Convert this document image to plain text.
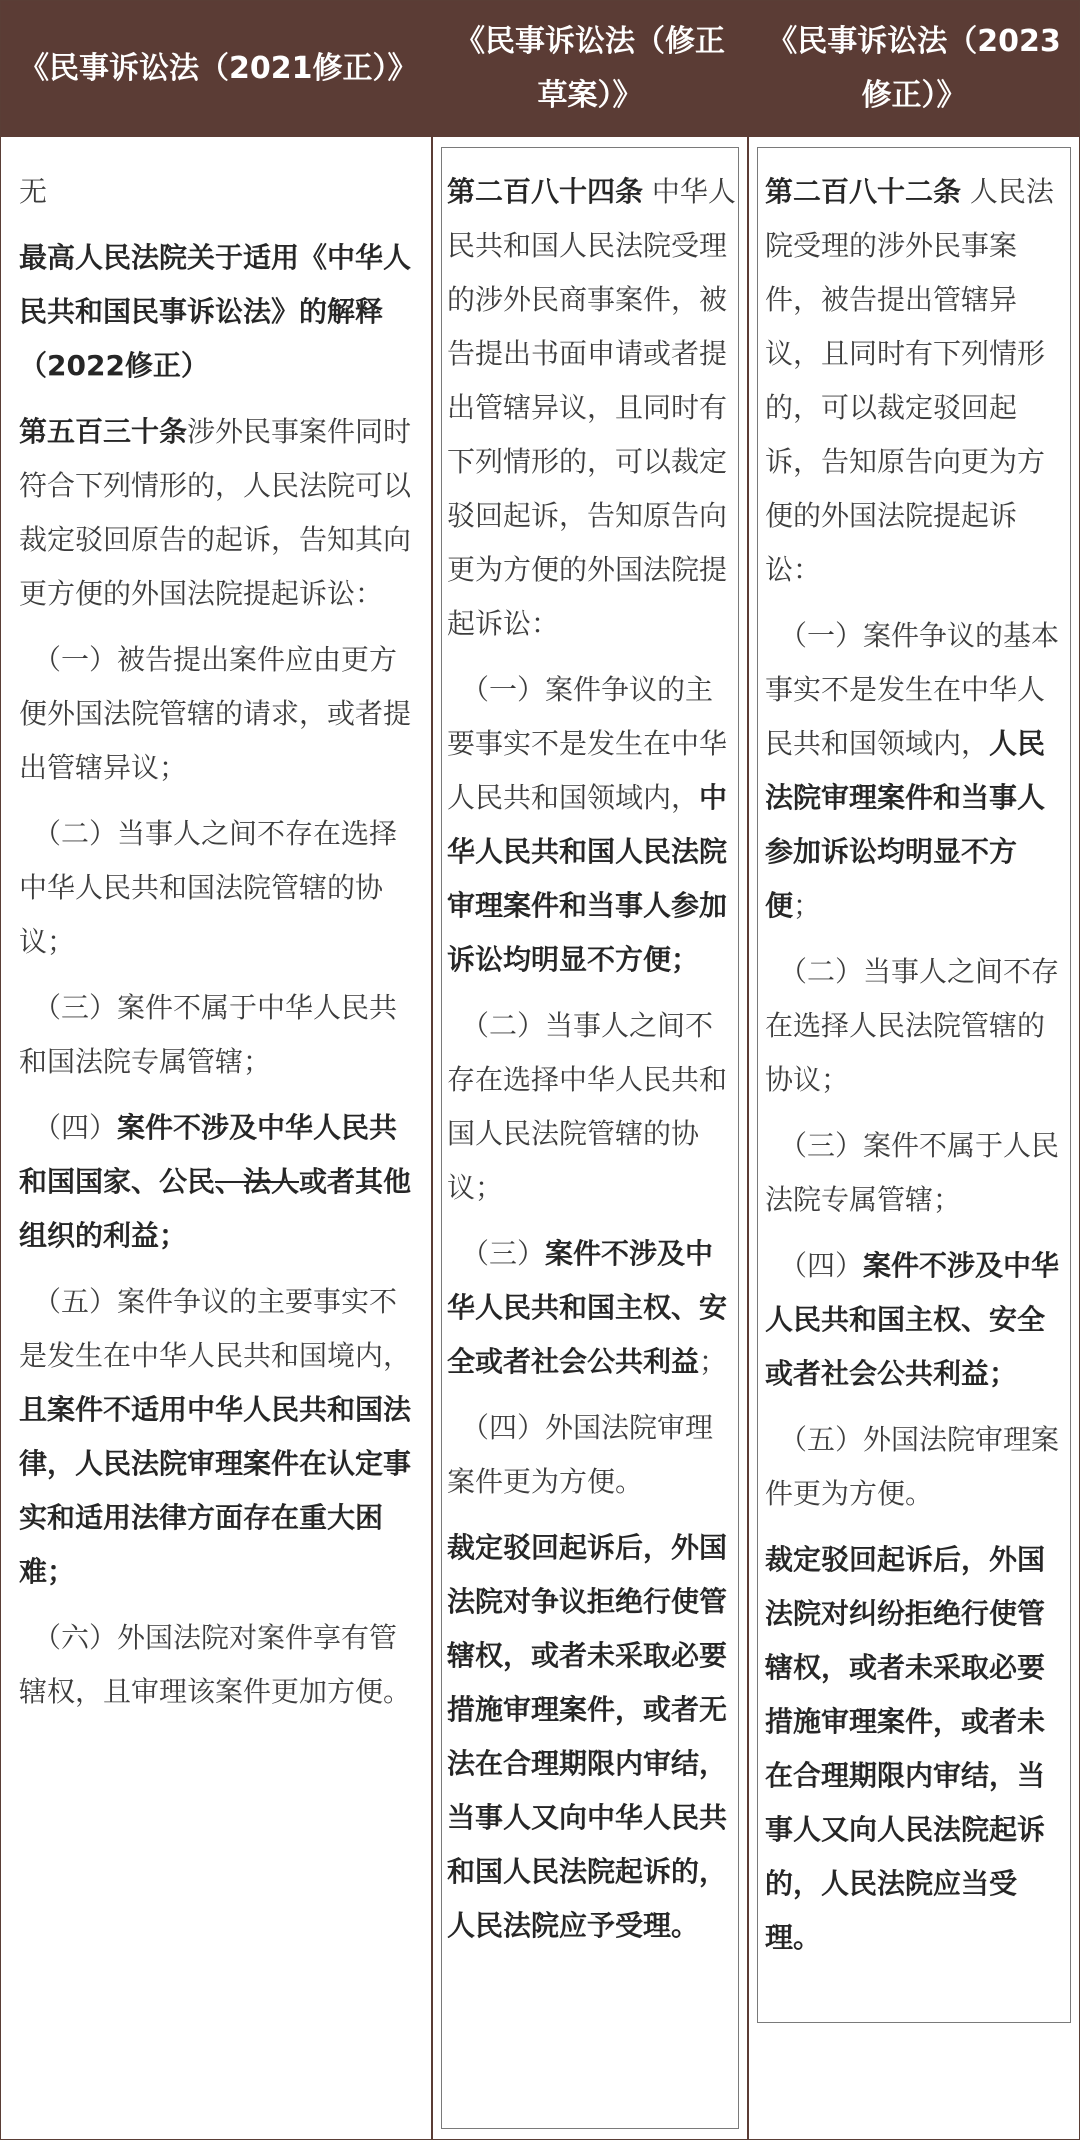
《民事诉讼法（2021修正）》
《民事诉讼法（修正草案）》
《民事诉讼法（2023修正）》

无

最高人民法院关于适用《中华人民共和国民事诉讼法》的解释（2022修正）

第五百三十条涉外民事案件同时符合下列情形的，人民法院可以裁定驳回原告的起诉，告知其向更方便的外国法院提起诉讼：

（一）被告提出案件应由更方便外国法院管辖的请求，或者提出管辖异议；

（二）当事人之间不存在选择中华人民共和国法院管辖的协议；

（三）案件不属于中华人民共和国法院专属管辖；

（四）案件不涉及中华人民共和国国家、公民、法人或者其他组织的利益；

（五）案件争议的主要事实不是发生在中华人民共和国境内，且案件不适用中华人民共和国法律，人民法院审理案件在认定事实和适用法律方面存在重大困难；

（六）外国法院对案件享有管辖权，且审理该案件更加方便。

第二百八十四条 中华人民共和国人民法院受理的涉外民商事案件，被告提出书面申请或者提出管辖异议，且同时有下列情形的，可以裁定驳回起诉，告知原告向更为方便的外国法院提起诉讼：

（一）案件争议的主要事实不是发生在中华人民共和国领域内，中华人民共和国人民法院审理案件和当事人参加诉讼均明显不方便；

（二）当事人之间不存在选择中华人民共和国人民法院管辖的协议；

（三）案件不涉及中华人民共和国主权、安全或者社会公共利益；

（四）外国法院审理案件更为方便。

裁定驳回起诉后，外国法院对争议拒绝行使管辖权，或者未采取必要措施审理案件，或者无法在合理期限内审结，当事人又向中华人民共和国人民法院起诉的，人民法院应予受理。

第二百八十二条 人民法院受理的涉外民事案件，被告提出管辖异议，且同时有下列情形的，可以裁定驳回起诉，告知原告向更为方便的外国法院提起诉讼：

（一）案件争议的基本事实不是发生在中华人民共和国领域内，人民法院审理案件和当事人参加诉讼均明显不方便；

（二）当事人之间不存在选择人民法院管辖的协议；

（三）案件不属于人民法院专属管辖；

（四）案件不涉及中华人民共和国主权、安全或者社会公共利益；

（五）外国法院审理案件更为方便。

裁定驳回起诉后，外国法院对纠纷拒绝行使管辖权，或者未采取必要措施审理案件，或者未在合理期限内审结，当事人又向人民法院起诉的，人民法院应当受理。
